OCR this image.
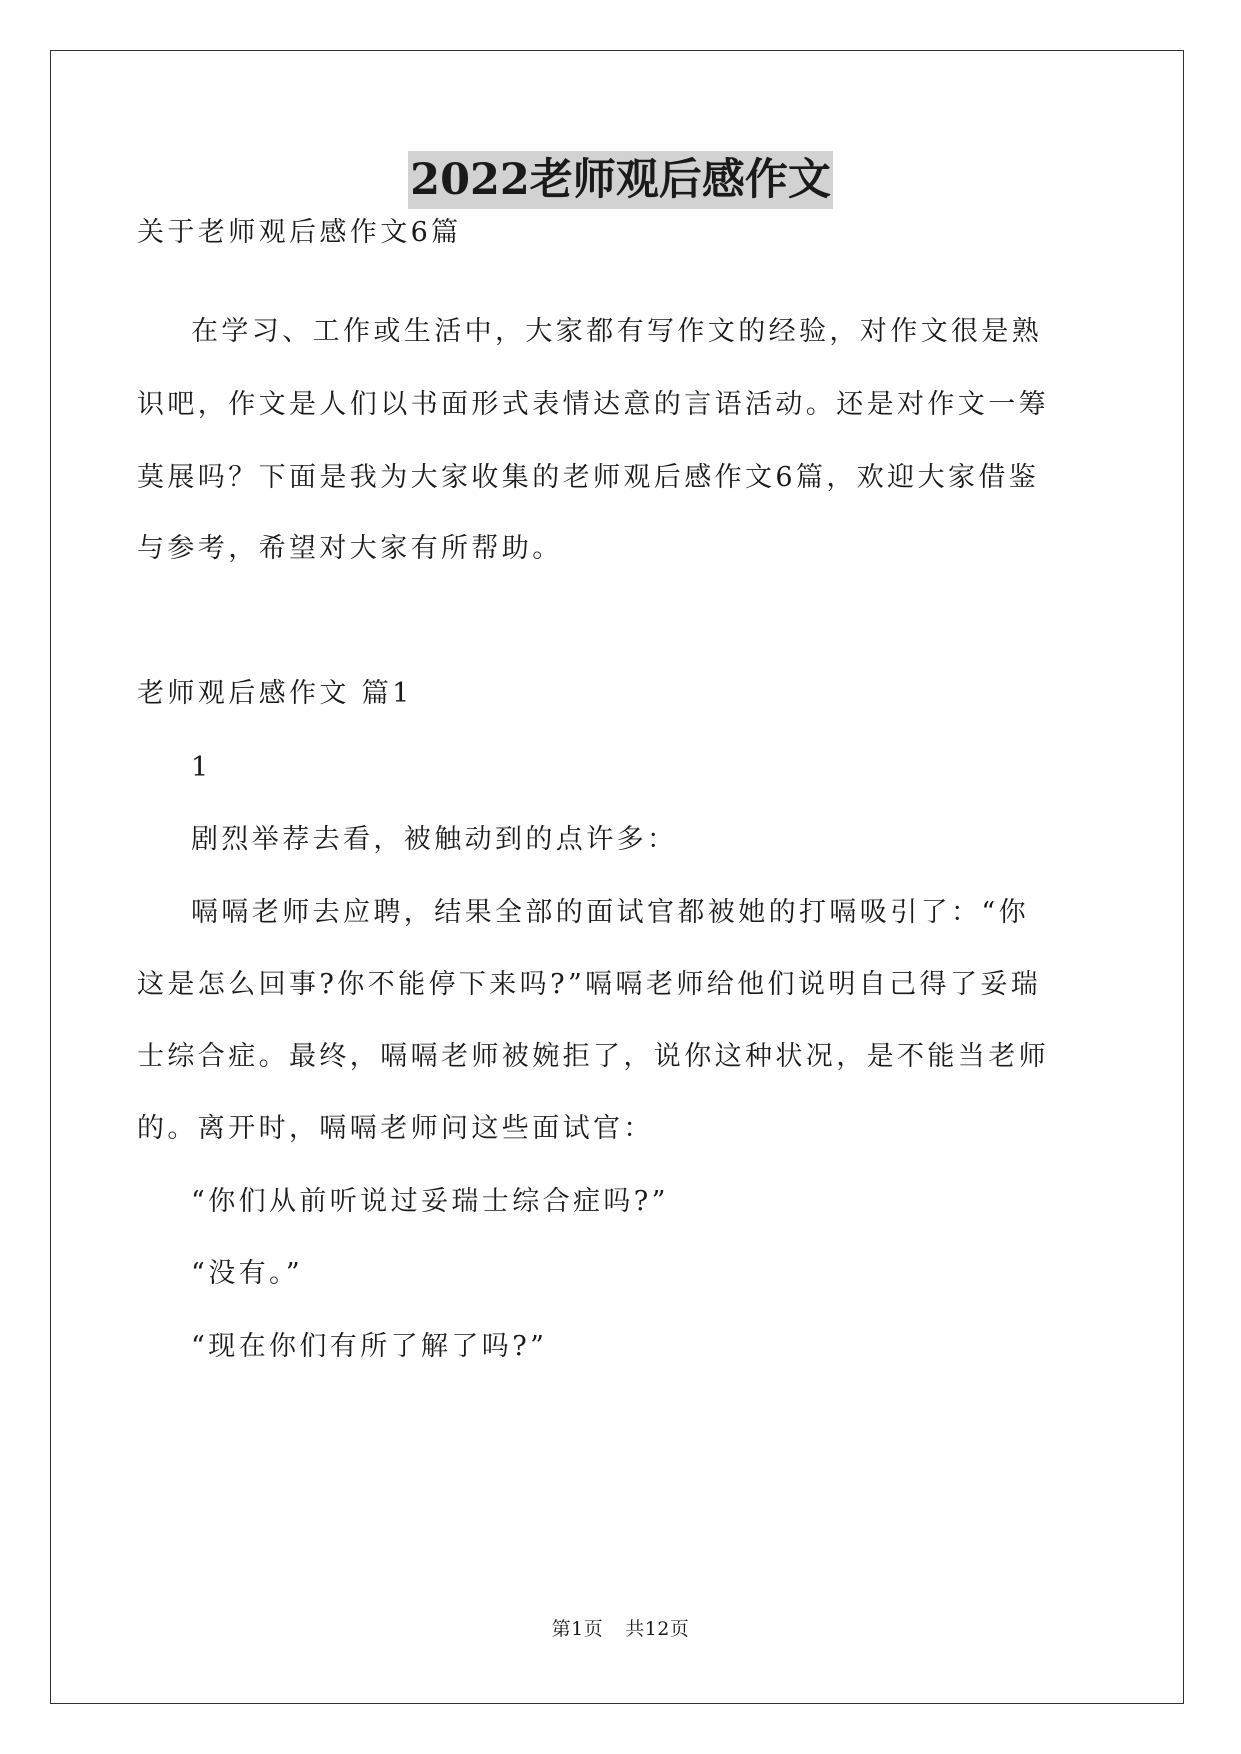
2022老师观后感作文
关于老师观后感作文6篇
在学习、工作或生活中，大家都有写作文的经验，对作文很是熟
识吧，作文是人们以书面形式表情达意的言语活动。还是对作文一筹
莫展吗？下面是我为大家收集的老师观后感作文6篇，欢迎大家借鉴
与参考，希望对大家有所帮助。
老师观后感作文 篇1
1
剧烈举荐去看，被触动到的点许多：
嗝嗝老师去应聘，结果全部的面试官都被她的打嗝吸引了：“你
这是怎么回事?你不能停下来吗?”嗝嗝老师给他们说明自己得了妥瑞
士综合症。最终，嗝嗝老师被婉拒了，说你这种状况，是不能当老师
的。离开时，嗝嗝老师问这些面试官：
“你们从前听说过妥瑞士综合症吗?”
“没有。”
“现在你们有所了解了吗?”
第1页 共12页
